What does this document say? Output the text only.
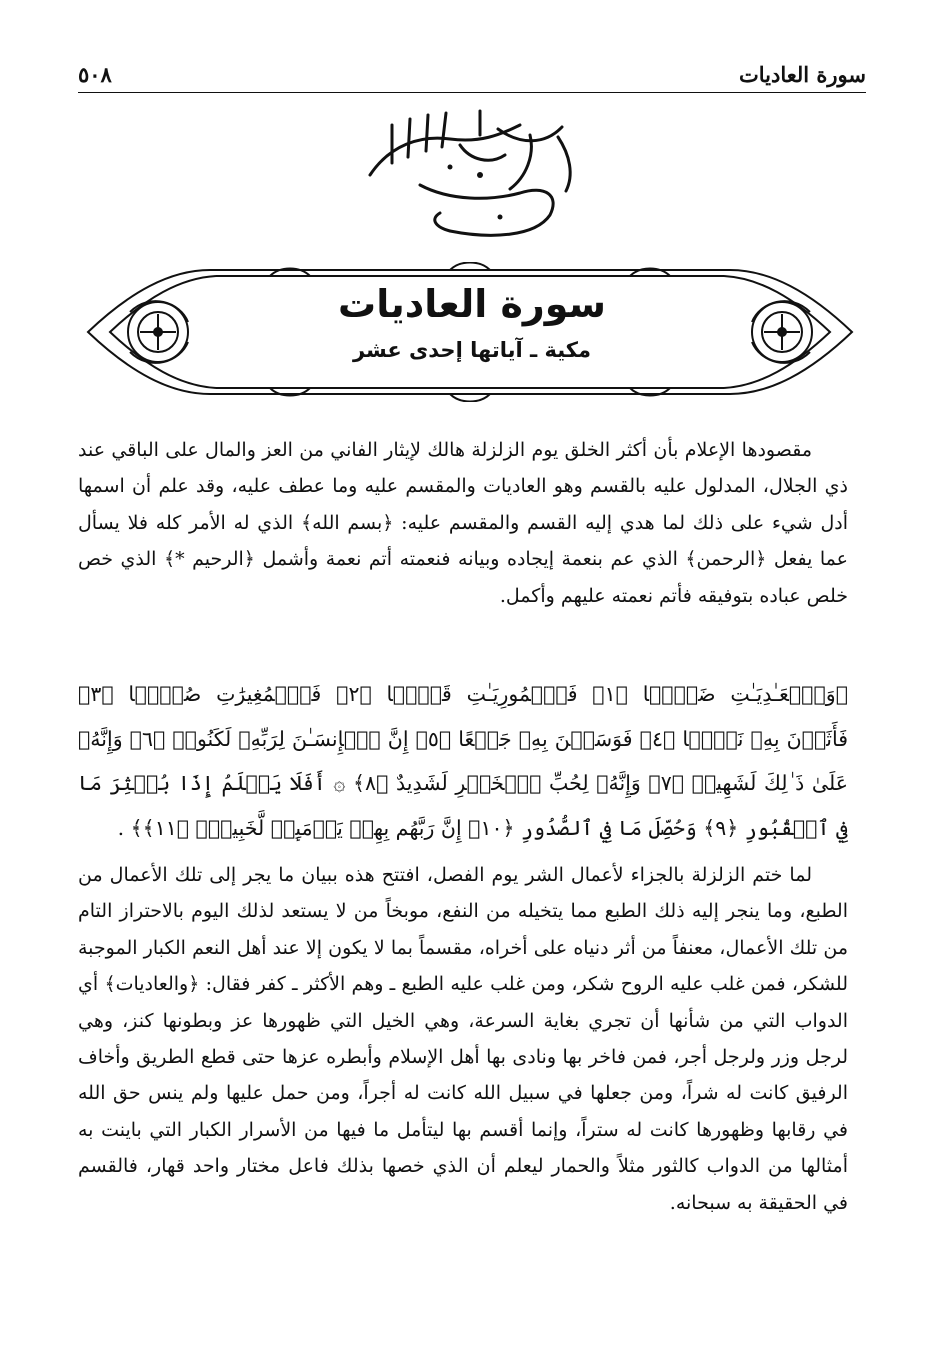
سورة العاديات
٥٠٨
سورة العاديات
مكية ـ آياتها إحدى عشر
مقصودها الإعلام بأن أكثر الخلق يوم الزلزلة هالك لإيثار الفاني من العز والمال على الباقي عند ذي الجلال، المدلول عليه بالقسم وهو العاديات والمقسم عليه وما عطف عليه، وقد علم أن اسمها أدل شيء على ذلك لما هدي إليه القسم والمقسم عليه: ﴿بسم الله﴾ الذي له الأمر كله فلا يسأل عما يفعل ﴿الرحمن﴾ الذي عم بنعمة إيجاده وبيانه فنعمته أتم نعمة وأشمل ﴿الرحيم *﴾ الذي خص خلص عباده بتوفيقه فأتم نعمته عليهم وأكمل.
﴿وَٱلۡعَـٰدِيَـٰتِ ضَبۡحࣰا ﴿١﴾ فَٱلۡمُورِيَـٰتِ قَدۡحࣰا ﴿٢﴾ فَٱلۡمُغِيرَٰتِ صُبۡحࣰا ﴿٣﴾ فَأَثَرۡنَ بِهِۦ نَقۡعࣰا ﴿٤﴾ فَوَسَطۡنَ بِهِۦ جَمۡعًا ﴿٥﴾ إِنَّ ٱلۡإِنسَـٰنَ لِرَبِّهِۦ لَكَنُودࣱ ﴿٦﴾ وَإِنَّهُۥ عَلَىٰ ذَ ٰ⁠لِكَ لَشَهِيدࣱ ﴿٧﴾ وَإِنَّهُۥ لِحُبِّ ٱلۡخَيۡرِ لَشَدِيدٌ ﴿٨﴾ ۞ أَفَلَا يَعۡلَمُ إِذَا بُعۡثِرَ مَا فِي ٱلۡقُبُورِ ﴿٩﴾ وَحُصِّلَ مَا فِي ٱلصُّدُورِ ﴿١٠﴾ إِنَّ رَبَّهُم بِهِمۡ يَوۡمَىِٕذࣲ لَّخَبِيرُۢ ﴿١١﴾﴾ .
لما ختم الزلزلة بالجزاء لأعمال الشر يوم الفصل، افتتح هذه ببيان ما يجر إلى تلك الأعمال من الطبع، وما ينجر إليه ذلك الطبع مما يتخيله من النفع، موبخاً من لا يستعد لذلك اليوم بالاحتراز التام من تلك الأعمال، معنفاً من أثر دنياه على أخراه، مقسماً بما لا يكون إلا عند أهل النعم الكبار الموجبة للشكر، فمن غلب عليه الروح شكر، ومن غلب عليه الطبع ـ وهم الأكثر ـ كفر فقال: ﴿والعاديات﴾ أي الدواب التي من شأنها أن تجري بغاية السرعة، وهي الخيل التي ظهورها عز وبطونها كنز، وهي لرجل وزر ولرجل أجر، فمن فاخر بها ونادى بها أهل الإسلام وأبطره عزها حتى قطع الطريق وأخاف الرفيق كانت له شراً، ومن جعلها في سبيل الله كانت له أجراً، ومن حمل عليها ولم ينس حق الله في رقابها وظهورها كانت له ستراً، وإنما أقسم بها ليتأمل ما فيها من الأسرار الكبار التي باينت به أمثالها من الدواب كالثور مثلاً والحمار ليعلم أن الذي خصها بذلك فاعل مختار واحد قهار، فالقسم في الحقيقة به سبحانه.
